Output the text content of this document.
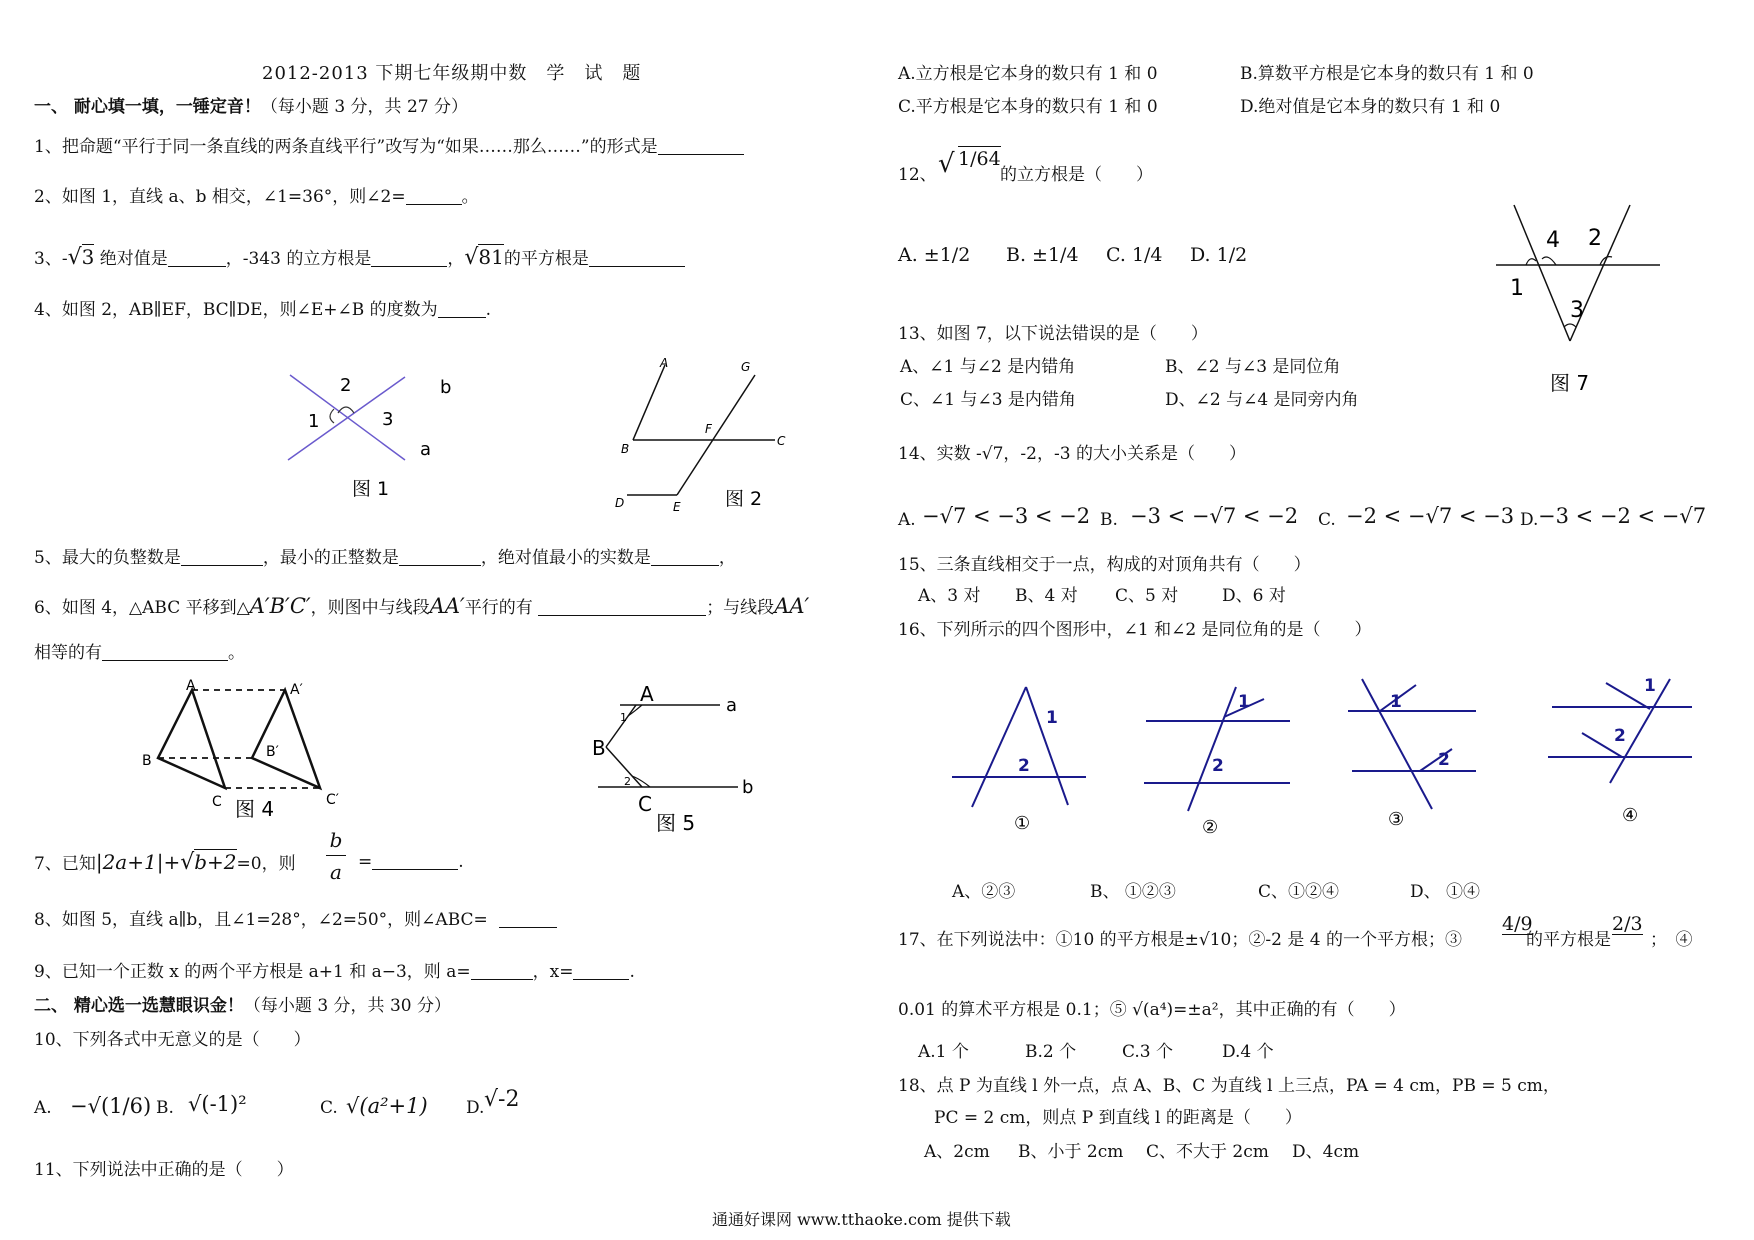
2012-2013 下期七年级期中数　学　试　题
一、 耐心填一填，一锤定音！（每小题 3 分，共 27 分）
1、把命题“平行于同一条直线的两条直线平行”改写为“如果……那么……”的形式是
2、如图 1，直线 a、b 相交，∠1=36°，则∠2=	。
3、-√3 绝对值是	，-343 的立方根是	，√81的平方根是
4、如图 2，AB∥EF，BC∥DE，则∠E+∠B 的度数为	.
2
1	3
b
a
图 1
A
B
C
D	E
F
G
图 2
5、最大的负整数是	，最小的正整数是	，绝对值最小的实数是	，
6、如图 4，△ABC 平移到△A′B′C′，则图中与线段AA′平行的有	；与线段AA′
相等的有	。
A
B
C
A′
B′
C′
图 4
A
B
C
a
b
1
2
图 5
7、已知|2a+1|+√b+2=0，则
b
a =	.
8、如图 5，直线 a∥b，且∠1=28°，∠2=50°，则∠ABC=
9、已知一个正数 x 的两个平方根是 a+1 和 a−3，则 a=	，x=	.
二、 精心选一选慧眼识金！（每小题 3 分，共 30 分）
10、下列各式中无意义的是（　　）
A. −√(1/6) B. √(-1)²	C. √(a²+1) D. √-2
11、下列说法中正确的是（　　）
A.立方根是它本身的数只有 1 和 0	B.算数平方根是它本身的数只有 1 和 0
C.平方根是它本身的数只有 1 和 0	D.绝对值是它本身的数只有 1 和 0
12、 √ 1/64
的立方根是（　　）
A. ±1/2 B. ±1/4 C. 1/4 D. 1/2
4 2
1
3
图 7
13、如图 7，以下说法错误的是（　　）
A、∠1 与∠2 是内错角	B、∠2 与∠3 是同位角
C、∠1 与∠3 是内错角	D、∠2 与∠4 是同旁内角
14、实数 -√7，-2，-3 的大小关系是（　　）
A. −√7 < −3 < −2 B. −3 < −√7 < −2 C. −2 < −√7 < −3 D. −3 < −2 < −√7
15、三条直线相交于一点，构成的对顶角共有（　　）
A、3 对 B、4 对 C、5 对	D、6 对
16、下列所示的四个图形中，∠1 和∠2 是同位角的是（　　）
1
2
①
1
2
②
1
2
③
1
2
④
A、②③	B、 ①②③	C、①②④	D、 ①④
17、在下列说法中：①10 的平方根是±√10；②-2 是 4 的一个平方根；③
4/9
的平方根是
2/3
；　④
0.01 的算术平方根是 0.1；⑤ √(a⁴)=±a²，其中正确的有（　　）
A.1 个	B.2 个	C.3 个	D.4 个
18、点 P 为直线 l 外一点，点 A、B、C 为直线 l 上三点，PA = 4 cm，PB = 5 cm，
PC = 2 cm，则点 P 到直线 l 的距离是（　　）
A、2cm B、小于 2cm C、不大于 2cm D、4cm
通通好课网 www.tthaoke.com 提供下载
